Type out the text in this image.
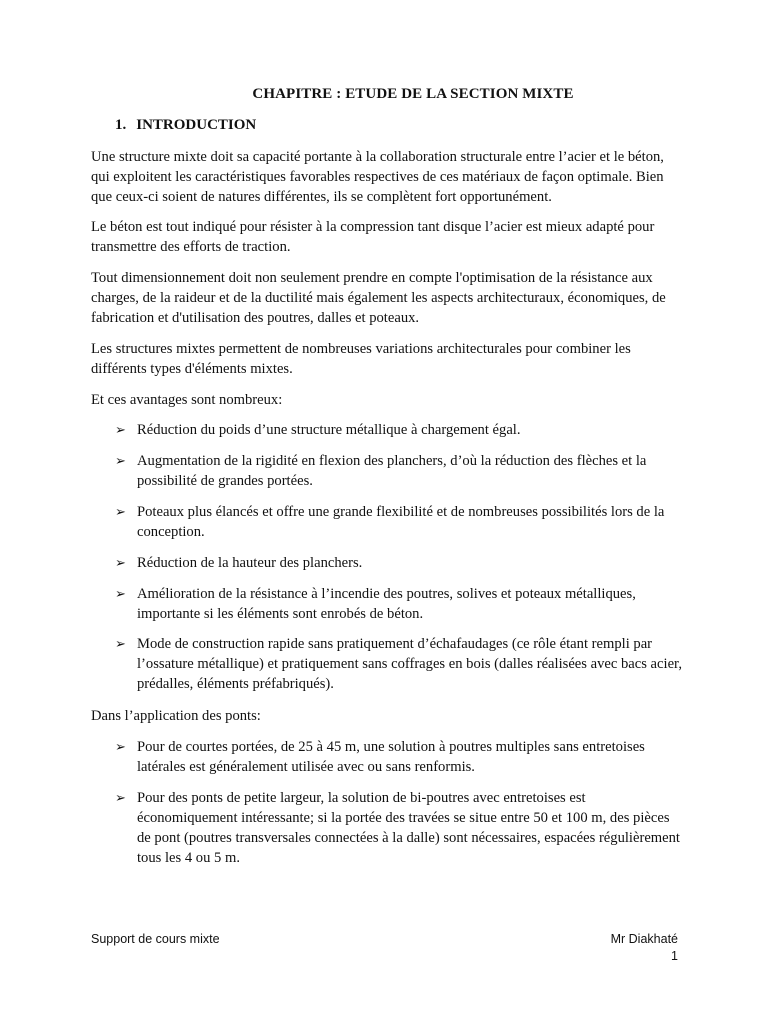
CHAPITRE : ETUDE DE LA SECTION MIXTE
1. INTRODUCTION

Une structure mixte doit sa capacité portante à la collaboration structurale entre l’acier et le béton, qui exploitent les caractéristiques favorables respectives de ces matériaux de façon optimale. Bien que ceux-ci soient de natures différentes, ils se complètent fort opportunément.

Le béton est tout indiqué pour résister à la compression tant disque l’acier est mieux adapté pour transmettre des efforts de traction.

Tout dimensionnement doit non seulement prendre en compte l'optimisation de la résistance aux charges, de la raideur et de la ductilité mais également les aspects architecturaux, économiques, de fabrication et d'utilisation des poutres, dalles et poteaux.

Les structures mixtes permettent de nombreuses variations architecturales pour combiner les différents types d'éléments mixtes.

Et ces avantages sont nombreux:

➢ Réduction du poids d’une structure métallique à chargement égal.
➢ Augmentation de la rigidité en flexion des planchers, d’où la réduction des flèches et la possibilité de grandes portées.
➢ Poteaux plus élancés et offre une grande flexibilité et de nombreuses possibilités lors de la conception.
➢ Réduction de la hauteur des planchers.
➢ Amélioration de la résistance à l’incendie des poutres, solives et poteaux métalliques, importante si les éléments sont enrobés de béton.
➢ Mode de construction rapide sans pratiquement d’échafaudages (ce rôle étant rempli par l’ossature métallique) et pratiquement sans coffrages en bois (dalles réalisées avec bacs acier, prédalles, éléments préfabriqués).

Dans l’application des ponts:

➢ Pour de courtes portées, de 25 à 45 m, une solution à poutres multiples sans entretoises latérales est généralement utilisée avec ou sans renformis.
➢ Pour des ponts de petite largeur, la solution de bi-poutres avec entretoises est économiquement intéressante; si la portée des travées se situe entre 50 et 100 m, des pièces de pont (poutres transversales connectées à la dalle) sont nécessaires, espacées régulièrement tous les 4 ou 5 m.
Support de cours mixte	Mr Diakhaté
1
